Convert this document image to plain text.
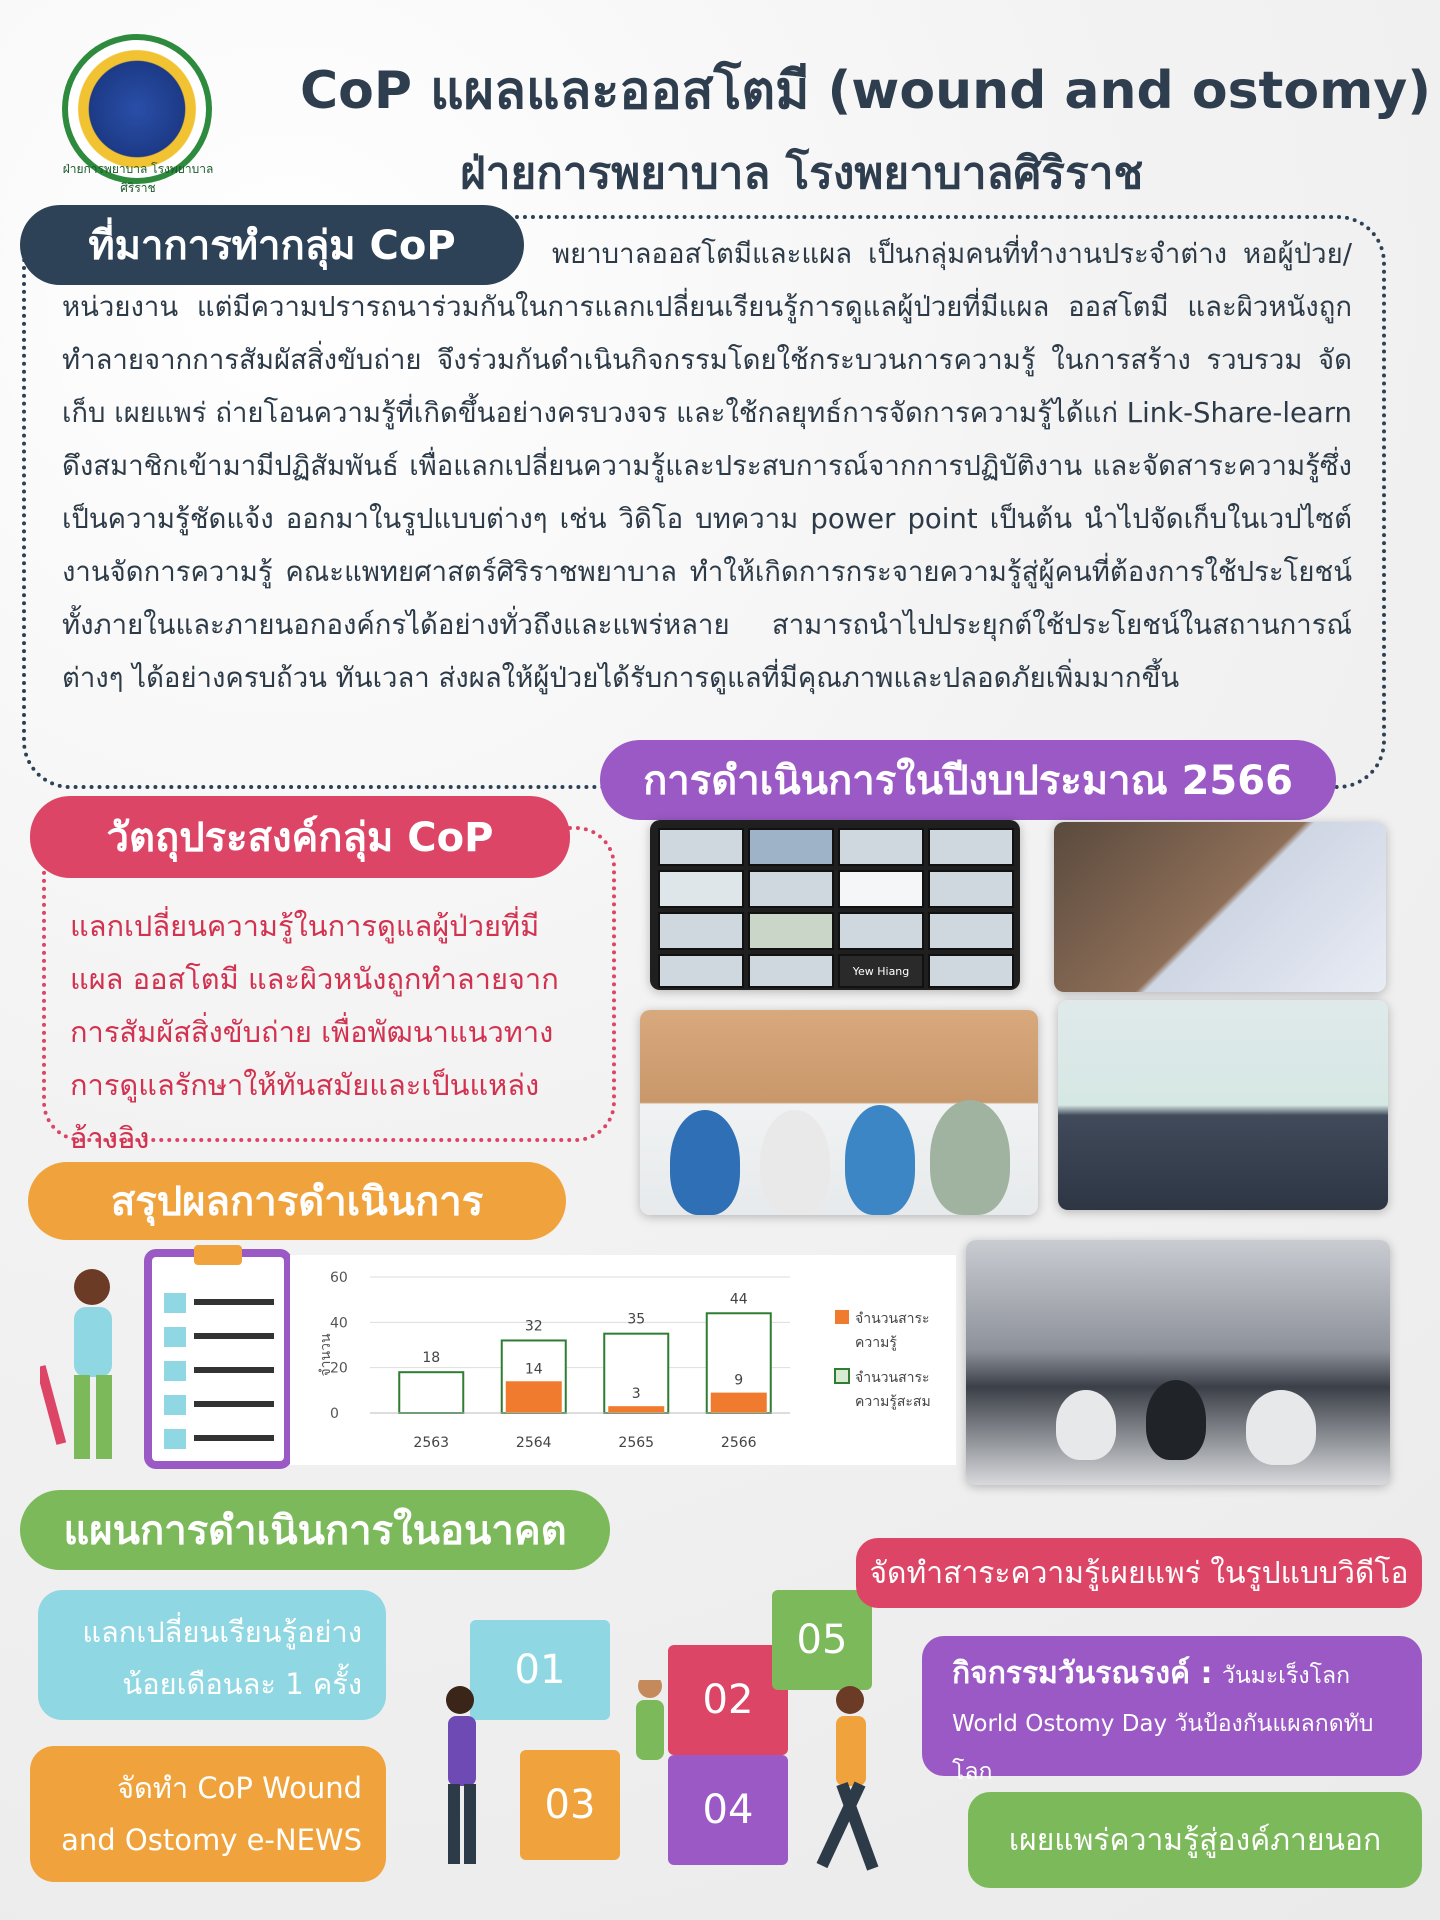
ฝ่ายการพยาบาล โรงพยาบาลศิริราช
CoP แผลและออสโตมี (wound and ostomy)
ฝ่ายการพยาบาล โรงพยาบาลศิริราช
ที่มาการทำกลุ่ม CoP	พยาบาลออสโตมีและแผล เป็นกลุ่มคนที่ทำงานประจำต่าง หอผู้ป่วย/หน่วยงาน แต่มีความปรารถนาร่วมกันในการแลกเปลี่ยนเรียนรู้การดูแลผู้ป่วยที่มีแผล ออสโตมี และผิวหนังถูกทำลายจากการสัมผัสสิ่งขับถ่าย จึงร่วมกันดำเนินกิจกรรมโดยใช้กระบวนการความรู้ ในการสร้าง รวบรวม จัดเก็บ เผยแพร่ ถ่ายโอนความรู้ที่เกิดขึ้นอย่างครบวงจร และใช้กลยุทธ์การจัดการความรู้ได้แก่ Link-Share-learn ดึงสมาชิกเข้ามามีปฏิสัมพันธ์ เพื่อแลกเปลี่ยนความรู้และประสบการณ์จากการปฏิบัติงาน และจัดสาระความรู้ซึ่งเป็นความรู้ชัดแจ้ง ออกมาในรูปแบบต่างๆ เช่น วิดิโอ บทความ power point เป็นต้น นำไปจัดเก็บในเวปไซต์ งานจัดการความรู้ คณะแพทยศาสตร์ศิริราชพยาบาล ทำให้เกิดการกระจายความรู้สู่ผู้คนที่ต้องการใช้ประโยชน์ทั้งภายในและภายนอกองค์กรได้อย่างทั่วถึงและแพร่หลาย สามารถนำไปประยุกต์ใช้ประโยชน์ในสถานการณ์ต่างๆ ได้อย่างครบถ้วน ทันเวลา ส่งผลให้ผู้ป่วยได้รับการดูแลที่มีคุณภาพและปลอดภัยเพิ่มมากขึ้น
การดำเนินการในปีงบประมาณ 2566
วัตถุประสงค์กลุ่ม CoP
แลกเปลี่ยนความรู้ในการดูแลผู้ป่วยที่มีแผล ออสโตมี และผิวหนังถูกทำลายจากการสัมผัสสิ่งขับถ่าย เพื่อพัฒนาแนวทางการดูแลรักษาให้ทันสมัยและเป็นแหล่งอ้างอิง
Yew Hiang
สรุปผลการดำเนินการ
0
20
40
60
จำนวน	18
2563
32
14
2564
35
3
2565
44
9
2566
จำนวนสาระ
ความรู้
จำนวนสาระ
ความรู้สะสม
แผนการดำเนินการในอนาคต
แลกเปลี่ยนเรียนรู้อย่างน้อยเดือนละ 1 ครั้ง
จัดทำ CoP Wound and Ostomy e-NEWS
01
02
03	04
05
จัดทำสาระความรู้เผยแพร่ ในรูปแบบวิดีโอ
กิจกรรมวันรณรงค์ : วันมะเร็งโลก
World Ostomy Day วันป้องกันแผลกดทับโลก
เผยแพร่ความรู้สู่องค์ภายนอก
